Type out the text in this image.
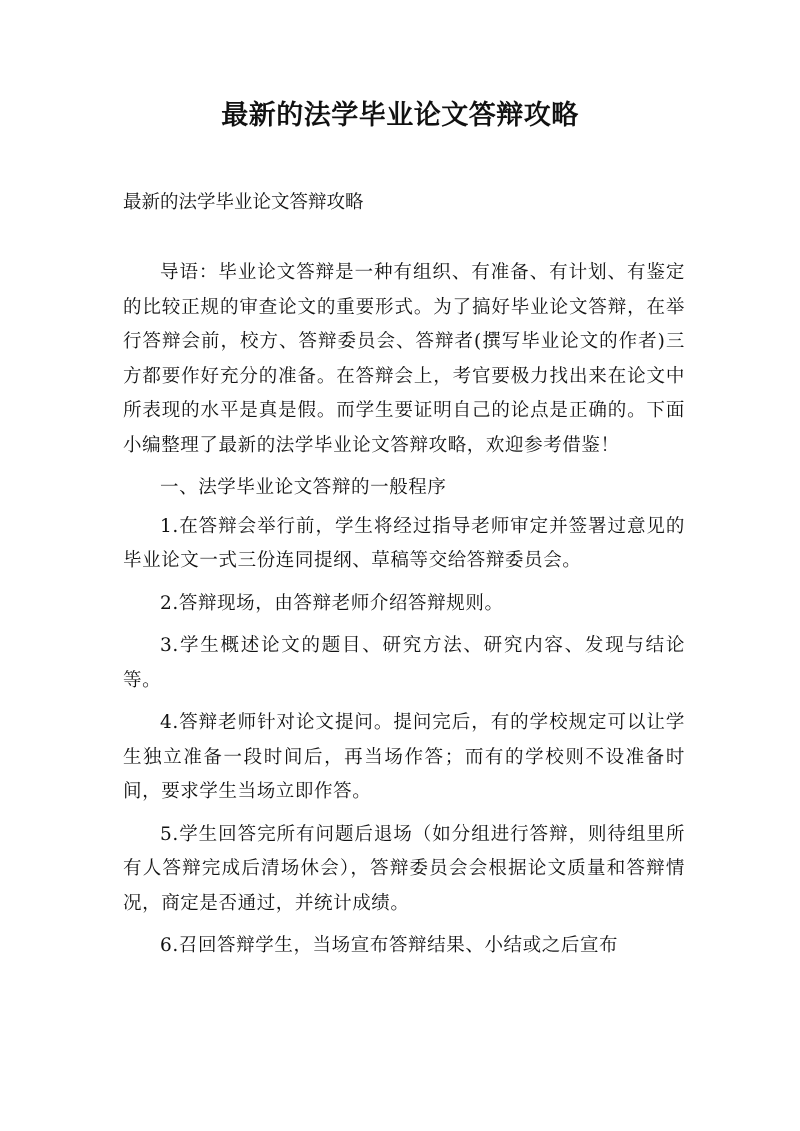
最新的法学毕业论文答辩攻略

最新的法学毕业论文答辩攻略

导语：毕业论文答辩是一种有组织、有准备、有计划、有鉴定的比较正规的审查论文的重要形式。为了搞好毕业论文答辩，在举行答辩会前，校方、答辩委员会、答辩者(撰写毕业论文的作者)三方都要作好充分的准备。在答辩会上，考官要极力找出来在论文中所表现的水平是真是假。而学生要证明自己的论点是正确的。下面小编整理了最新的法学毕业论文答辩攻略，欢迎参考借鉴！

一、法学毕业论文答辩的一般程序

1.在答辩会举行前，学生将经过指导老师审定并签署过意见的毕业论文一式三份连同提纲、草稿等交给答辩委员会。

2.答辩现场，由答辩老师介绍答辩规则。

3.学生概述论文的题目、研究方法、研究内容、发现与结论等。

4.答辩老师针对论文提问。提问完后，有的学校规定可以让学生独立准备一段时间后，再当场作答；而有的学校则不设准备时间，要求学生当场立即作答。

5.学生回答完所有问题后退场（如分组进行答辩，则待组里所有人答辩完成后清场休会），答辩委员会会根据论文质量和答辩情况，商定是否通过，并统计成绩。

6.召回答辩学生，当场宣布答辩结果、小结或之后宣布
